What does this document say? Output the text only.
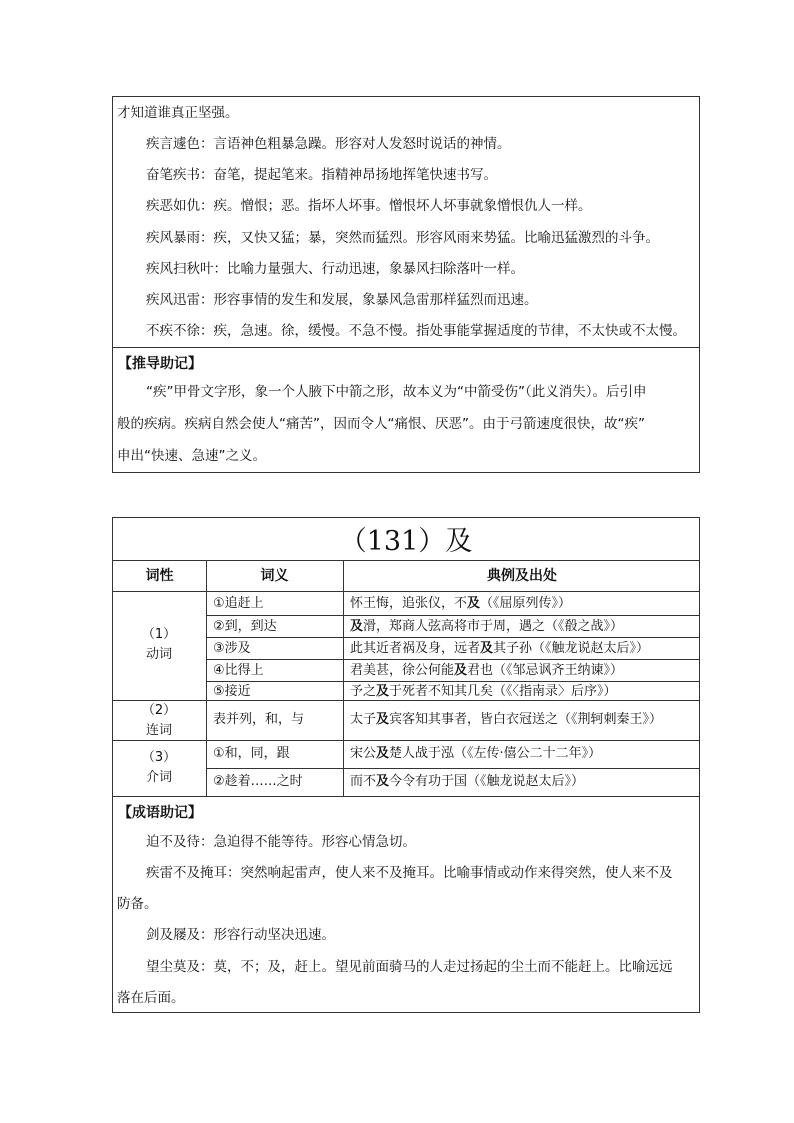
才知道谁真正坚强。
疾言遽色：言语神色粗暴急躁。形容对人发怒时说话的神情。
奋笔疾书：奋笔，提起笔来。指精神昂扬地挥笔快速书写。
疾恶如仇：疾。憎恨；恶。指坏人坏事。憎恨坏人坏事就象憎恨仇人一样。
疾风暴雨：疾，又快又猛；暴，突然而猛烈。形容风雨来势猛。比喻迅猛激烈的斗争。
疾风扫秋叶：比喻力量强大、行动迅速，象暴风扫除落叶一样。
疾风迅雷：形容事情的发生和发展，象暴风急雷那样猛烈而迅速。
不疾不徐：疾，急速。徐，缓慢。不急不慢。指处事能掌握适度的节律，不太快或不太慢。
【推导助记】
“疾”甲骨文字形，象一个人腋下中箭之形，故本义为“中箭受伤”（此义消失）。后引申
般的疾病。疾病自然会使人“痛苦”，因而令人“痛恨、厌恶”。由于弓箭速度很快，故“疾”
申出“快速、急速”之义。
（131）及
词性	词义	典例及出处
（1）
动词
（2）
连词
（3）
介词
①追赶上
②到，到达
③涉及
④比得上
⑤接近
表并列，和，与
①和，同，跟
②趁着……之时
怀王悔，追张仪，不及（《屈原列传》）
及滑，郑商人弦高将市于周，遇之（《殽之战》）
此其近者祸及身，远者及其子孙（《触龙说赵太后》）
君美甚，徐公何能及君也（《邹忌讽齐王纳谏》）
予之及于死者不知其几矣（《〈指南录〉后序》）
太子及宾客知其事者，皆白衣冠送之（《荆轲刺秦王》）
宋公及楚人战于泓（《左传·僖公二十二年》）
而不及今令有功于国（《触龙说赵太后》）
【成语助记】
迫不及待：急迫得不能等待。形容心情急切。
疾雷不及掩耳：突然响起雷声，使人来不及掩耳。比喻事情或动作来得突然，使人来不及
防备。
剑及屦及：形容行动坚决迅速。
望尘莫及：莫，不；及，赶上。望见前面骑马的人走过扬起的尘土而不能赶上。比喻远远
落在后面。
